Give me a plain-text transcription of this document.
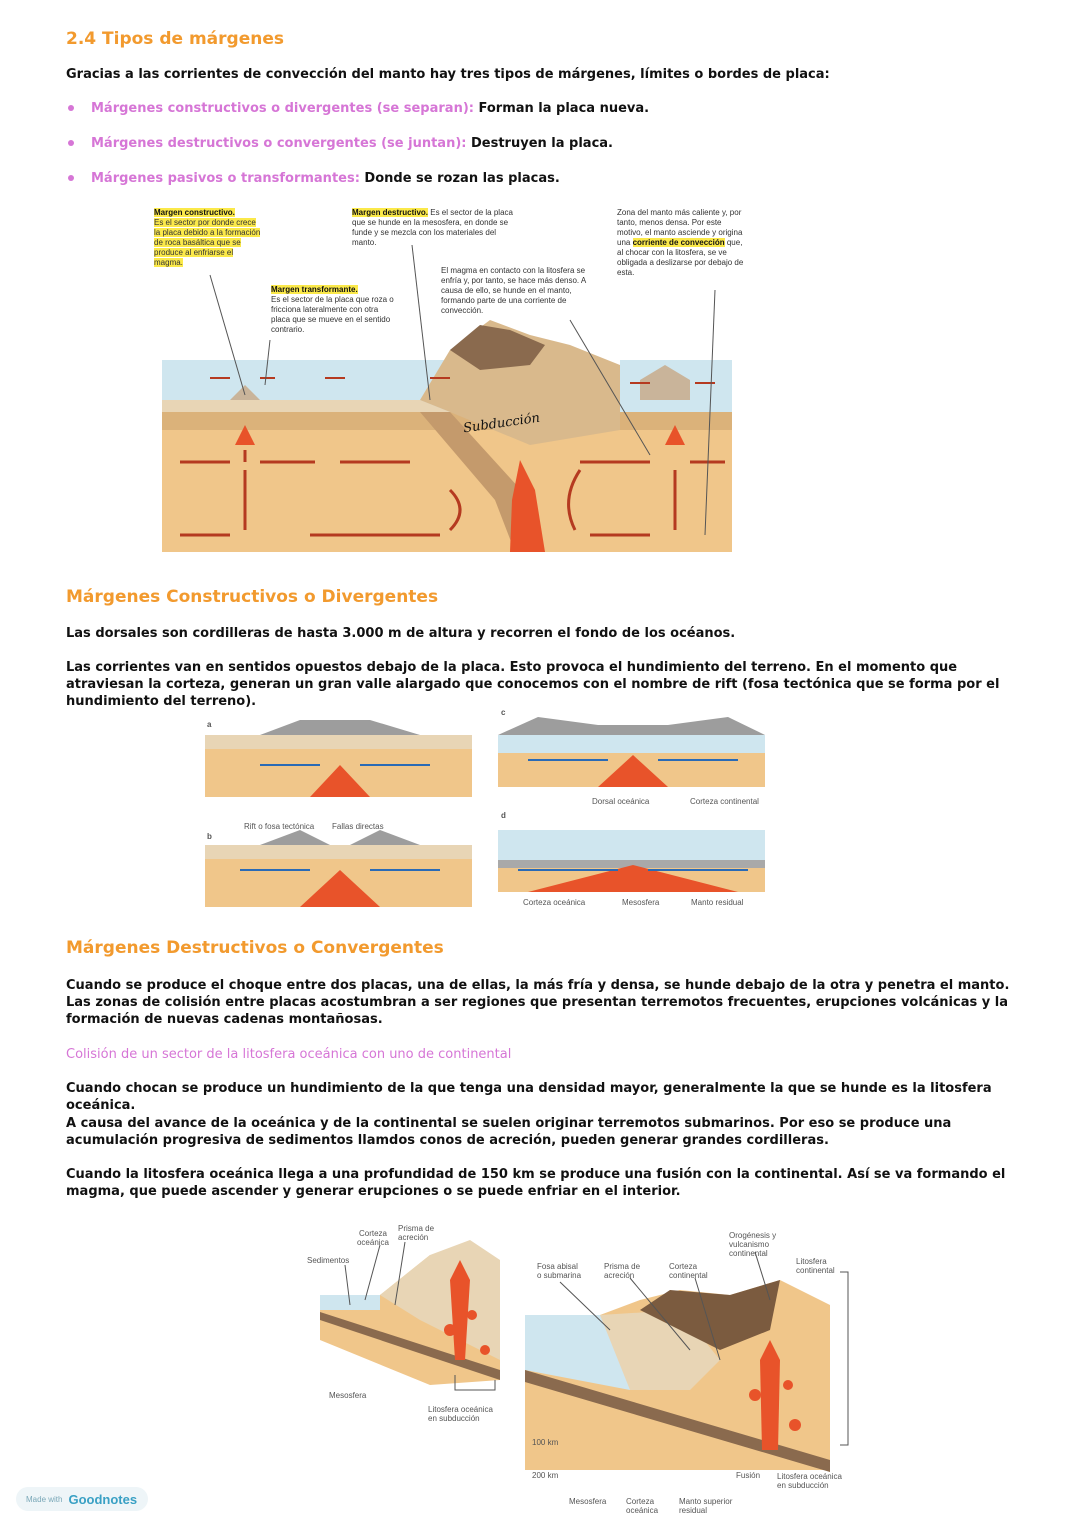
2.4 Tipos de márgenes
Gracias a las corrientes de convección del manto hay tres tipos de márgenes, límites o bordes de placa:
Márgenes constructivos o divergentes (se separan): Forman la placa nueva.
Márgenes destructivos o convergentes (se juntan): Destruyen la placa.
Márgenes pasivos o transformantes: Donde se rozan las placas.
Margen constructivo.
Es el sector por donde crece la placa debido a la formación de roca basáltica que se produce al enfriarse el magma.
Margen destructivo. Es el sector de la placa que se hunde en la mesosfera, en donde se funde y se mezcla con los materiales del manto.
Zona del manto más caliente y, por tanto, menos densa. Por este motivo, el manto asciende y origina una corriente de convección que, al chocar con la litosfera, se ve obligada a deslizarse por debajo de esta.
El magma en contacto con la litosfera se enfría y, por tanto, se hace más denso. A causa de ello, se hunde en el manto, formando parte de una corriente de convección.
Margen transformante.
Es el sector de la placa que roza o fricciona lateralmente con otra placa que se mueve en el sentido contrario.
Subducción
Márgenes Constructivos o Divergentes
Las dorsales son cordilleras de hasta 3.000 m de altura y recorren el fondo de los océanos.
Las corrientes van en sentidos opuestos debajo de la placa. Esto provoca el hundimiento del terreno. En el momento que atraviesan la corteza, generan un gran valle alargado que conocemos con el nombre de rift (fosa tectónica que se forma por el hundimiento del terreno).
a
b
c
d
Rift o fosa tectónica Fallas directas
Dorsal oceánica	Corteza continental
Corteza oceánica	Mesosfera	Manto residual
Márgenes Destructivos o Convergentes
Cuando se produce el choque entre dos placas, una de ellas, la más fría y densa, se hunde debajo de la otra y penetra el manto. Las zonas de colisión entre placas acostumbran a ser regiones que presentan terremotos frecuentes, erupciones volcánicas y la formación de nuevas cadenas montañosas.
Colisión de un sector de la litosfera oceánica con uno de continental
Cuando chocan se produce un hundimiento de la que tenga una densidad mayor, generalmente la que se hunde es la litosfera oceánica.
A causa del avance de la oceánica y de la continental se suelen originar terremotos submarinos. Por eso se produce una acumulación progresiva de sedimentos llamdos conos de acreción, pueden generar grandes cordilleras.
Cuando la litosfera oceánica llega a una profundidad de 150 km se produce una fusión con la continental. Así se va formando el magma, que puede ascender y generar erupciones o se puede enfriar en el interior.
Corteza oceánica
Prisma de acreción
Sedimentos
Mesosfera
Litosfera oceánica en subducción
Fosa abisal o submarina
Prisma de acreción
Corteza continental
Orogénesis y vulcanismo continental
Litosfera continental
100 km
200 km	Fusión Litosfera oceánica en subducción
Mesosfera Corteza oceánica
Manto superior residual
Made with Goodnotes
